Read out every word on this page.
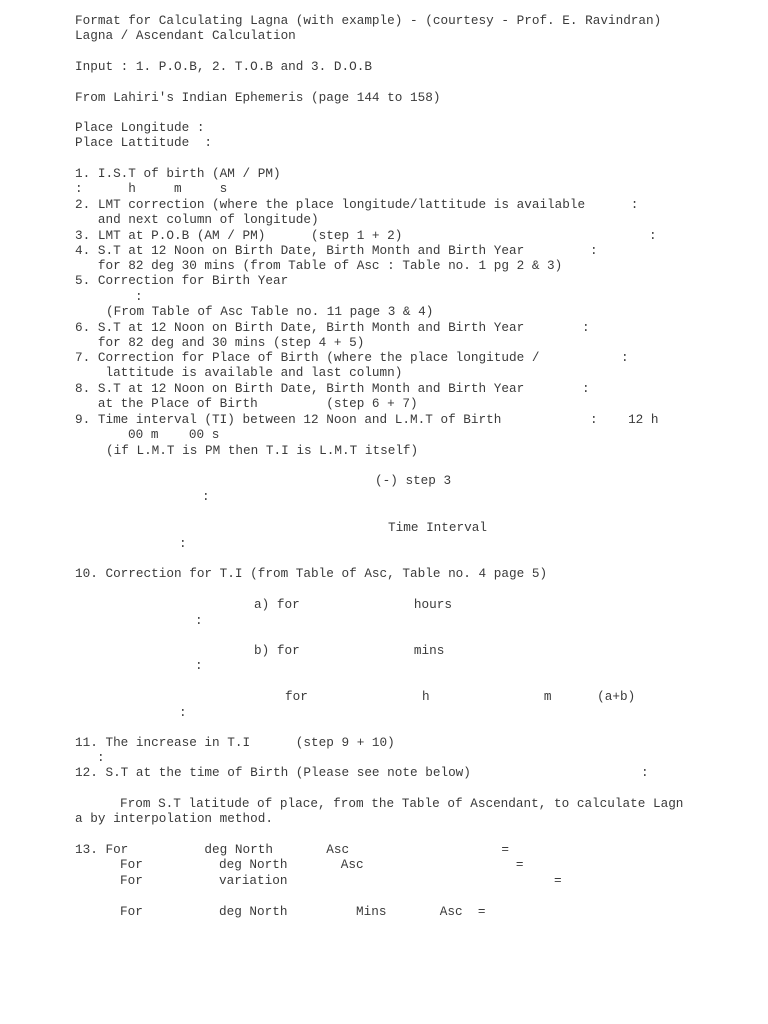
Format for Calculating Lagna (with example) - (courtesy - Prof. E. Ravindran)
Lagna / Ascendant Calculation
Input : 1. P.O.B, 2. T.O.B and 3. D.O.B
From Lahiri's Indian Ephemeris (page 144 to 158)
Place Longitude :
Place Lattitude  :
1. I.S.T of birth (AM / PM)
:      h     m     s
2. LMT correction (where the place longitude/lattitude is available      :
and next column of longitude)
3. LMT at P.O.B (AM / PM)      (step 1 + 2)	:
4. S.T at 12 Noon on Birth Date, Birth Month and Birth Year	:
for 82 deg 30 mins (from Table of Asc : Table no. 1 pg 2 & 3)
5. Correction for Birth Year
:
(From Table of Asc Table no. 11 page 3 & 4)
6. S.T at 12 Noon on Birth Date, Birth Month and Birth Year	:
for 82 deg and 30 mins (step 4 + 5)
7. Correction for Place of Birth (where the place longitude /	:
lattitude is available and last column)
8. S.T at 12 Noon on Birth Date, Birth Month and Birth Year	:
at the Place of Birth         (step 6 + 7)
9. Time interval (TI) between 12 Noon and L.M.T of Birth	:    12 h
00 m    00 s
(if L.M.T is PM then T.I is L.M.T itself)
(-) step 3
:
Time Interval
:
10. Correction for T.I (from Table of Asc, Table no. 4 page 5)
a) for               hours
:
b) for               mins
:
for               h               m      (a+b)
:
11. The increase in T.I      (step 9 + 10)
:
12. S.T at the time of Birth (Please see note below)	:
From S.T latitude of place, from the Table of Ascendant, to calculate Lagn
a by interpolation method.
13. For          deg North       Asc                    =
For          deg North       Asc                    =
For          variation                                   =
For          deg North         Mins       Asc  =
